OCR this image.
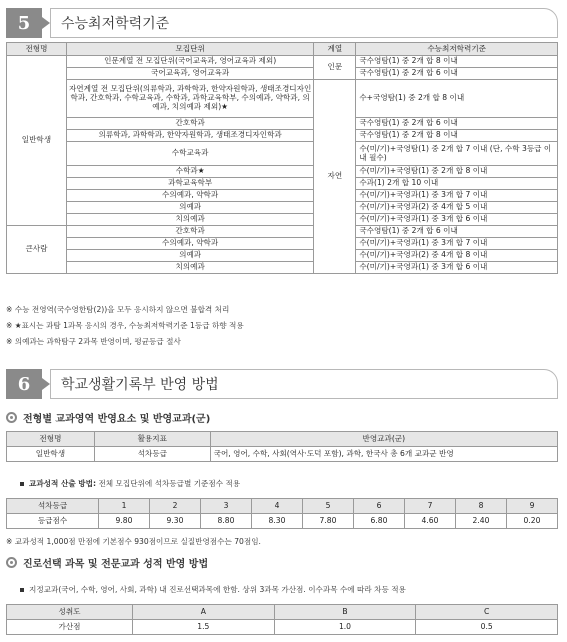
5	수능최저학력기준
전형명	모집단위	계열	수능최저학력기준
일반학생	인문계열 전 모집단위(국어교육과, 영어교육과 제외)	인문	국수영탐(1) 중 2개 합 8 이내
	국어교육과, 영어교육과		국수영탐(1) 중 2개 합 6 이내
	자연계열 전 모집단위(의류학과, 과학학과, 한약자원학과, 생태조경디자인학과, 간호학과, 수학교육과, 수학과, 과학교육학부, 수의예과, 약학과, 의예과, 치의예과 제외)★	자연	수+국영탐(1) 중 2개 합 8 이내
	간호학과		국수영탐(1) 중 2개 합 6 이내
	의류학과, 과학학과, 한약자원학과, 생태조경디자인학과		국수영탐(1) 중 2개 합 8 이내
	수학교육과		수(미/기)+국영탐(1) 중 2개 합 7 이내 (단, 수학 3등급 이내 필수)
	수학과★		수(미/기)+국영탐(1) 중 2개 합 8 이내
	과학교육학부		수과(1) 2개 합 10 이내
	수의예과, 약학과		수(미/기)+국영과(1) 중 3개 합 7 이내
	의예과		수(미/기)+국영과(2) 중 4개 합 5 이내
	치의예과		수(미/기)+국영과(1) 중 3개 합 6 이내
큰사람	간호학과		국수영탐(1) 중 2개 합 6 이내
	수의예과, 약학과		수(미/기)+국영과(1) 중 3개 합 7 이내
	의예과		수(미/기)+국영과(2) 중 4개 합 8 이내
	치의예과		수(미/기)+국영과(1) 중 3개 합 6 이내
※ 수능 전영역(국수영한탐(2))을 모두 응시하지 않으면 불합격 처리
※ ★표시는 과탐 1과목 응시의 경우, 수능최저학력기준 1등급 하향 적용
※ 의예과는 과학탐구 2과목 반영이며, 평균등급 절사
6	학교생활기록부 반영 방법
전형별 교과영역 반영요소 및 반영교과(군)
전형명	활용지표	반영교과(군)
일반학생	석차등급	국어, 영어, 수학, 사회(역사·도덕 포함), 과학, 한국사 총 6개 교과군 반영
교과성적 산출 방법: 전체 모집단위에 석차등급별 기준점수 적용
석차등급	1	2	3	4	5	6	7	8	9
등급점수	9.80	9.30	8.80	8.30	7.80	6.80	4.60	2.40	0.20
※ 교과성적 1,000점 만점에 기본점수 930점이므로 실질반영점수는 70점임.
진로선택 과목 및 전문교과 성적 반영 방법
지정교과(국어, 수학, 영어, 사회, 과학) 내 진로선택과목에 한함. 상위 3과목 가산점. 이수과목 수에 따라 차등 적용
성취도	A	B	C
가산점	1.5	1.0	0.5
